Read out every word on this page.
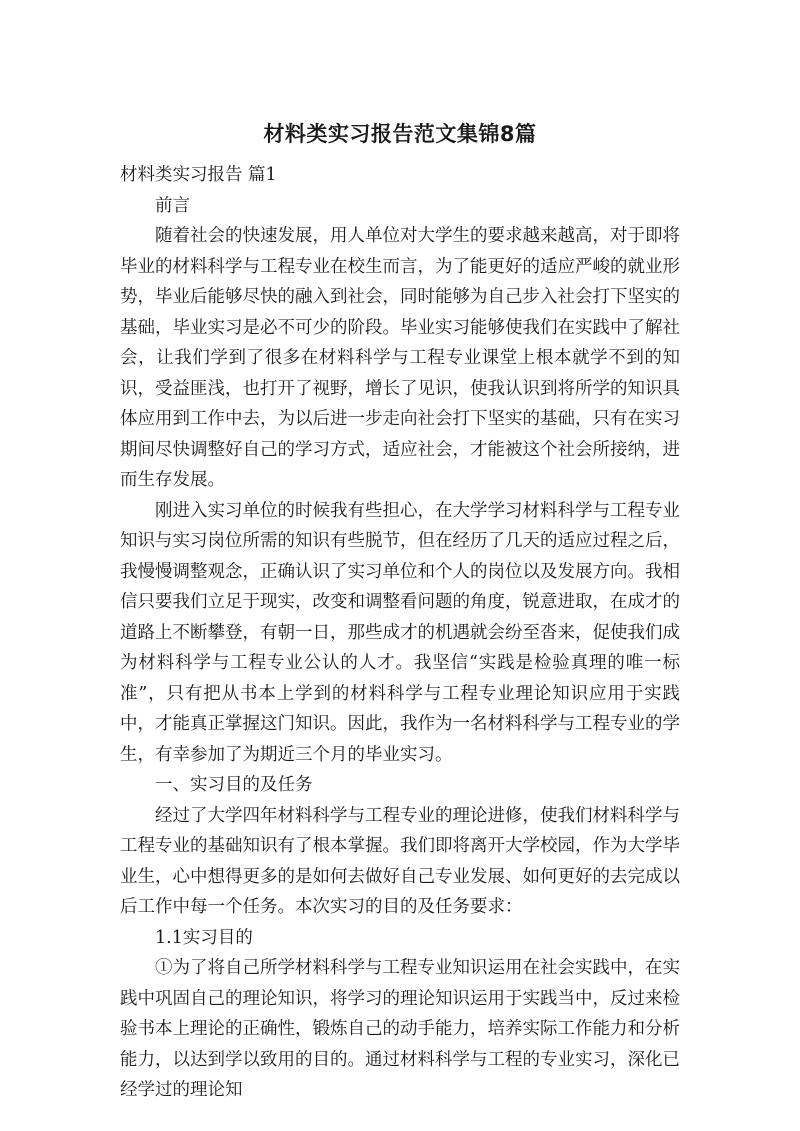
材料类实习报告范文集锦8篇

材料类实习报告 篇1

前言

随着社会的快速发展，用人单位对大学生的要求越来越高，对于即将毕业的材料科学与工程专业在校生而言，为了能更好的适应严峻的就业形势，毕业后能够尽快的融入到社会，同时能够为自己步入社会打下坚实的基础，毕业实习是必不可少的阶段。毕业实习能够使我们在实践中了解社会，让我们学到了很多在材料科学与工程专业课堂上根本就学不到的知识，受益匪浅，也打开了视野，增长了见识，使我认识到将所学的知识具体应用到工作中去，为以后进一步走向社会打下坚实的基础，只有在实习期间尽快调整好自己的学习方式，适应社会，才能被这个社会所接纳，进而生存发展。

刚进入实习单位的时候我有些担心，在大学学习材料科学与工程专业知识与实习岗位所需的知识有些脱节，但在经历了几天的适应过程之后，我慢慢调整观念，正确认识了实习单位和个人的岗位以及发展方向。我相信只要我们立足于现实，改变和调整看问题的角度，锐意进取，在成才的道路上不断攀登，有朝一日，那些成才的机遇就会纷至沓来，促使我们成为材料科学与工程专业公认的人才。我坚信“实践是检验真理的唯一标准”，只有把从书本上学到的材料科学与工程专业理论知识应用于实践中，才能真正掌握这门知识。因此，我作为一名材料科学与工程专业的学生，有幸参加了为期近三个月的毕业实习。

一、实习目的及任务

经过了大学四年材料科学与工程专业的理论进修，使我们材料科学与工程专业的基础知识有了根本掌握。我们即将离开大学校园，作为大学毕业生，心中想得更多的是如何去做好自己专业发展、如何更好的去完成以后工作中每一个任务。本次实习的目的及任务要求：

1.1实习目的

①为了将自己所学材料科学与工程专业知识运用在社会实践中，在实践中巩固自己的理论知识，将学习的理论知识运用于实践当中，反过来检验书本上理论的正确性，锻炼自己的动手能力，培养实际工作能力和分析能力，以达到学以致用的目的。通过材料科学与工程的专业实习，深化已经学过的理论知
